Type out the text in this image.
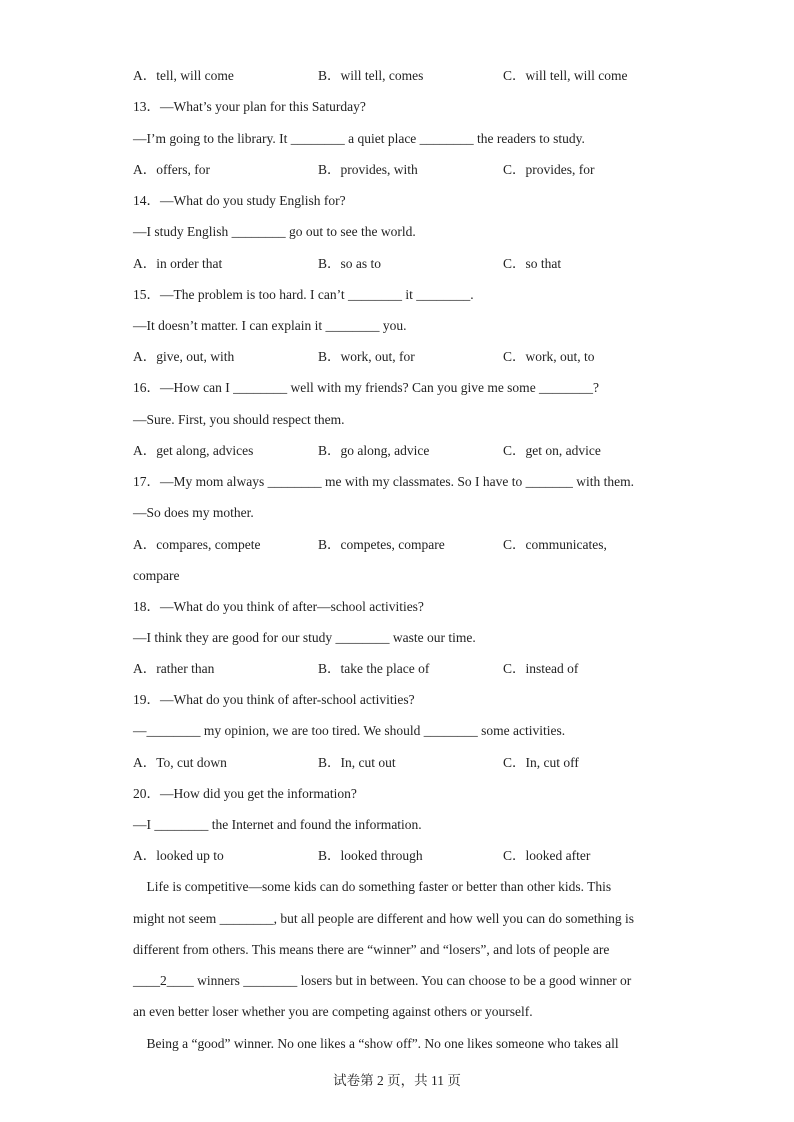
A．tell, will come	B．will tell, comes	C．will tell, will come
13．—What’s your plan for this Saturday?
—I’m going to the library. It ________ a quiet place ________ the readers to study.
A．offers, for	B．provides, with	C．provides, for
14．—What do you study English for?
—I study English ________ go out to see the world.
A．in order that	B．so as to	C．so that
15．—The problem is too hard. I can’t ________ it ________.
—It doesn’t matter. I can explain it ________ you.
A．give, out, with	B．work, out, for	C．work, out, to
16．—How can I ________ well with my friends? Can you give me some ________?
—Sure. First, you should respect them.
A．get along, advices	B．go along, advice	C．get on, advice
17．—My mom always ________ me with my classmates. So I have to _______ with them.
—So does my mother.
A．compares, compete	B．competes, compare	C．communicates,
compare
18．—What do you think of after—school activities?
—I think they are good for our study ________ waste our time.
A．rather than	B．take the place of	C．instead of
19．—What do you think of after-school activities?
—________ my opinion, we are too tired. We should ________ some activities.
A．To, cut down	B．In, cut out	C．In, cut off
20．—How did you get the information?
—I ________ the Internet and found the information.
A．looked up to	B．looked through	C．looked after
Life is competitive—some kids can do something faster or better than other kids. This
might not seem ________, but all people are different and how well you can do something is
different from others. This means there are “winner” and “losers”, and lots of people are
____2____ winners ________ losers but in between. You can choose to be a good winner or
an even better loser whether you are competing against others or yourself.
Being a “good” winner. No one likes a “show off”. No one likes someone who takes all
试卷第 2 页，共 11 页
